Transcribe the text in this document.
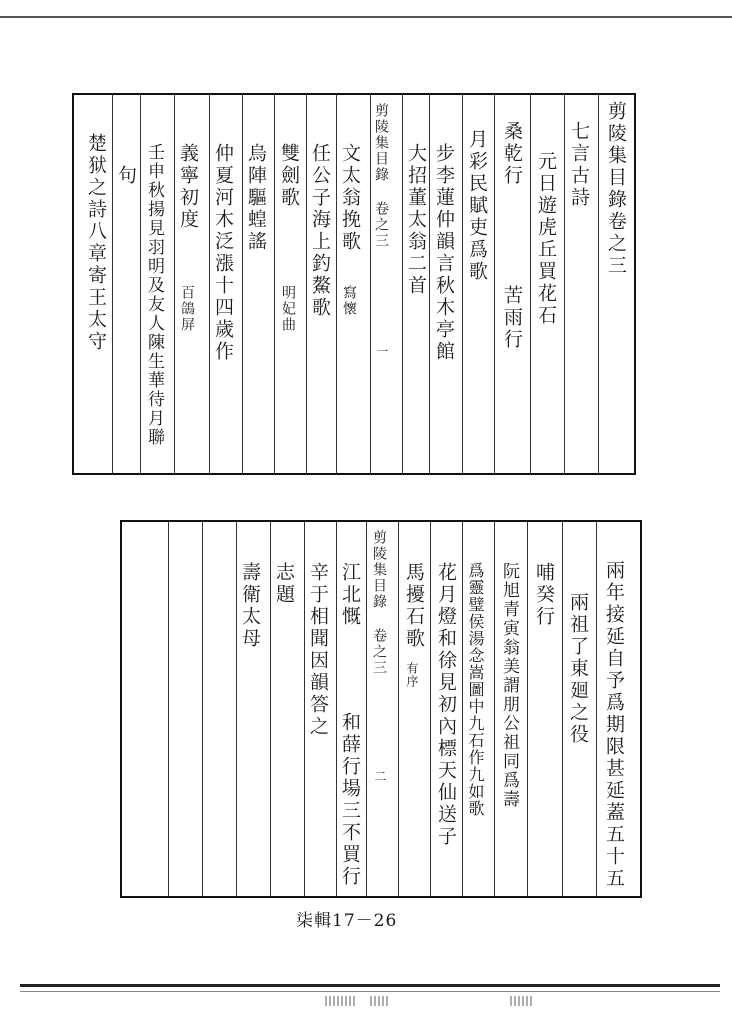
剪陵集目錄卷之三
七言古詩
元日遊虎丘買花石
桑乾行
苦雨行
月彩民賦吏爲歌
步李蓮仲韻言秋木亭館
大招董太翁二首
剪陵集目錄 卷之三
一
文太翁挽歌
寫懷
任公子海上釣鰲歌
雙劍歌
明妃曲
烏陣驅蝗謠
仲夏河木泛漲十四歲作
義寧初度
百鴿屏
壬申秋揚見羽明及友人陳生華待月聯
句
楚狱之詩八章寄王太守
兩年接延自予爲期限甚延蓋五十五
兩祖了東廻之役
哺癸行
阮旭青寅翁美謂朋公祖同爲壽
爲靈璧侯湯念嵩圖中九石作九如歌
花月燈和徐見初內標天仙送子
馬擾石歌
有序
剪陵集目錄 卷之三
二
江北慨
和薛行場三不買行
辛于相聞因韻答之
志題
壽衛太母
柒輯17－26
